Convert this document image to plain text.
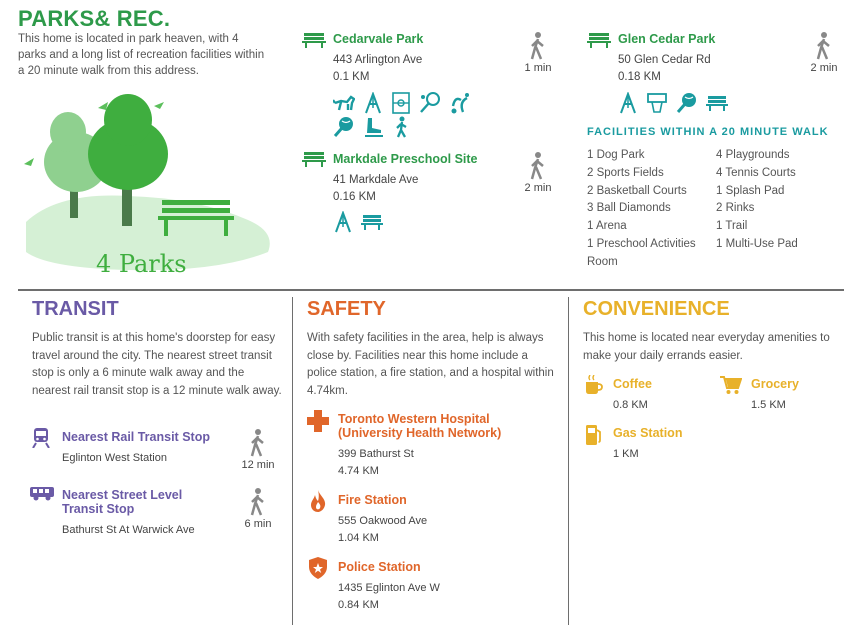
PARKS& REC.
This home is located in park heaven, with 4 parks and a long list of recreation facilities within a 20 minute walk from this address.
4 Parks
Cedarvale Park
443 Arlington Ave
0.1 KM
1 min
Markdale Preschool Site
41 Markdale Ave
0.16 KM
2 min
Glen Cedar Park
50 Glen Cedar Rd
0.18 KM
2 min
FACILITIES WITHIN A 20 MINUTE WALK
1 Dog Park
2 Sports Fields
2 Basketball Courts
3 Ball Diamonds
1 Arena
1 Preschool Activities
Room
4 Playgrounds
4 Tennis Courts
1 Splash Pad
2 Rinks
1 Trail
1 Multi-Use Pad
TRANSIT
Public transit is at this home's doorstep for easy travel around the city. The nearest street transit stop is only a 6 minute walk away and the nearest rail transit stop is a 12 minute walk away.
Nearest Rail Transit Stop
Eglinton West Station
12 min
Nearest Street Level
Transit Stop
Bathurst St At Warwick Ave	6 min
SAFETY
With safety facilities in the area, help is always close by. Facilities near this home include a police station, a fire station, and a hospital within 4.74km.
Toronto Western Hospital
(University Health Network)
399 Bathurst St
4.74 KM
Fire Station
555 Oakwood Ave
1.04 KM
Police Station
1435 Eglinton Ave W
0.84 KM
CONVENIENCE
This home is located near everyday amenities to make your daily errands easier.
Coffee
0.8 KM
Grocery
1.5 KM
Gas Station
1 KM
